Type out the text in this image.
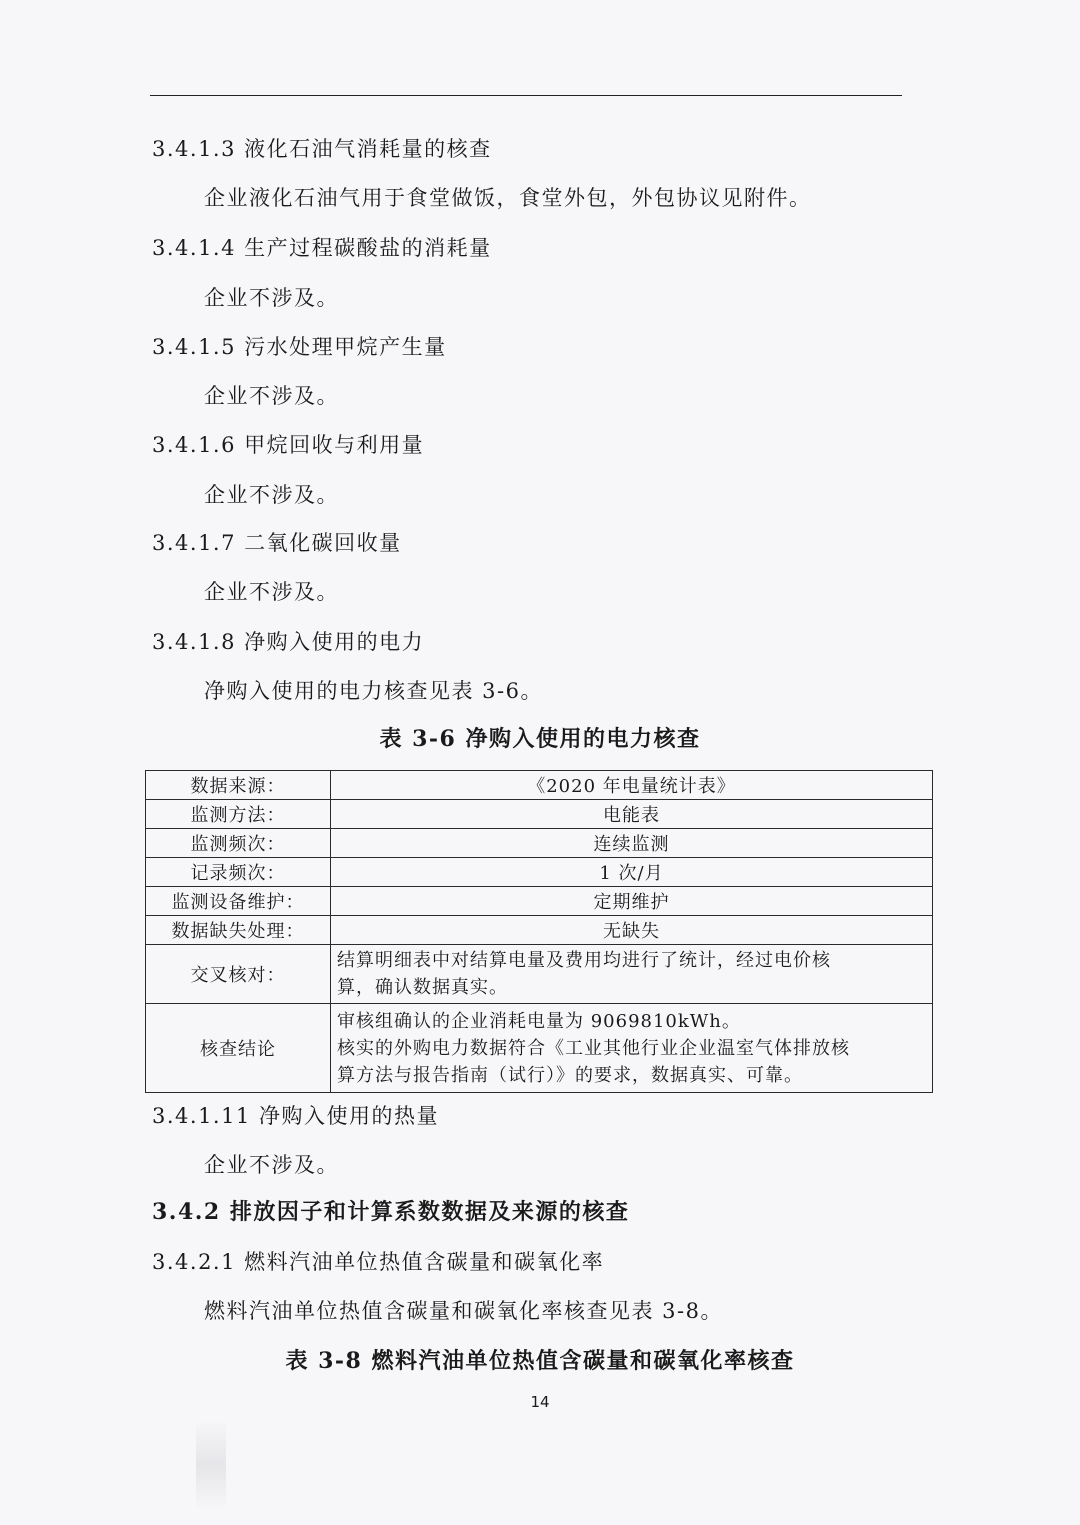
3.4.1.3 液化石油气消耗量的核查
企业液化石油气用于食堂做饭，食堂外包，外包协议见附件。
3.4.1.4 生产过程碳酸盐的消耗量
企业不涉及。
3.4.1.5 污水处理甲烷产生量
企业不涉及。
3.4.1.6 甲烷回收与利用量
企业不涉及。
3.4.1.7 二氧化碳回收量
企业不涉及。
3.4.1.8 净购入使用的电力
净购入使用的电力核查见表 3-6。
表 3-6 净购入使用的电力核查
数据来源：	《2020 年电量统计表》
监测方法：	电能表
监测频次：	连续监测
记录频次：	1 次/月
监测设备维护：	定期维护
数据缺失处理：	无缺失
交叉核对：	结算明细表中对结算电量及费用均进行了统计，经过电价核
算，确认数据真实。

核查结论	审核组确认的企业消耗电量为 9069810kWh。
核实的外购电力数据符合《工业其他行业企业温室气体排放核
算方法与报告指南（试行）》的要求，数据真实、可靠。
3.4.1.11 净购入使用的热量
企业不涉及。
3.4.2 排放因子和计算系数数据及来源的核查
3.4.2.1 燃料汽油单位热值含碳量和碳氧化率
燃料汽油单位热值含碳量和碳氧化率核查见表 3-8。
表 3-8 燃料汽油单位热值含碳量和碳氧化率核查
14
